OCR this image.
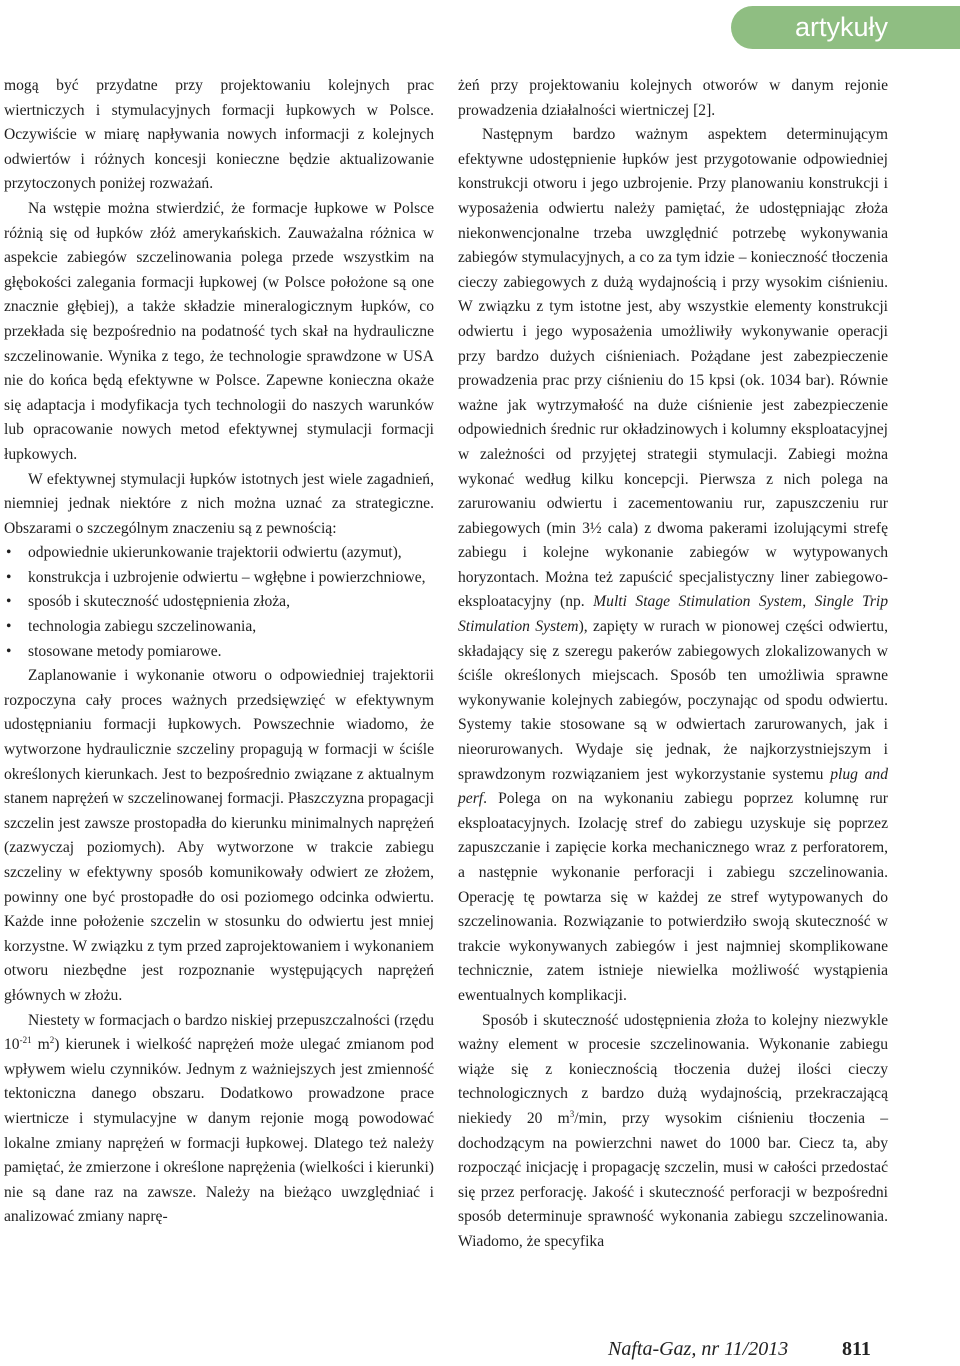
artykuły

mogą być przydatne przy projektowaniu kolejnych prac wiertniczych i stymulacyjnych formacji łupkowych w Polsce. Oczywiście w miarę napływania nowych informacji z kolejnych odwiertów i różnych koncesji konieczne będzie aktualizowanie przytoczonych poniżej rozważań.

Na wstępie można stwierdzić, że formacje łupkowe w Polsce różnią się od łupków złóż amerykańskich. Zauważalna różnica w aspekcie zabiegów szczelinowania polega przede wszystkim na głębokości zalegania formacji łupkowej (w Polsce położone są one znacznie głębiej), a także składzie mineralogicznym łupków, co przekłada się bezpośrednio na podatność tych skał na hydrauliczne szczelinowanie. Wynika z tego, że technologie sprawdzone w USA nie do końca będą efektywne w Polsce. Zapewne konieczna okaże się adaptacja i modyfikacja tych technologii do naszych warunków lub opracowanie nowych metod efektywnej stymulacji formacji łupkowych.

W efektywnej stymulacji łupków istotnych jest wiele zagadnień, niemniej jednak niektóre z nich można uznać za strategiczne. Obszarami o szczególnym znaczeniu są z pewnością:

• odpowiednie ukierunkowanie trajektorii odwiertu (azymut),
• konstrukcja i uzbrojenie odwiertu – wgłębne i powierzchniowe,
• sposób i skuteczność udostępnienia złoża,
• technologia zabiegu szczelinowania,
• stosowane metody pomiarowe.

Zaplanowanie i wykonanie otworu o odpowiedniej trajektorii rozpoczyna cały proces ważnych przedsięwzięć w efektywnym udostępnianiu formacji łupkowych. Powszechnie wiadomo, że wytworzone hydraulicznie szczeliny propagują w formacji w ściśle określonych kierunkach. Jest to bezpośrednio związane z aktualnym stanem naprężeń w szczelinowanej formacji. Płaszczyzna propagacji szczelin jest zawsze prostopadła do kierunku minimalnych naprężeń (zazwyczaj poziomych). Aby wytworzone w trakcie zabiegu szczeliny w efektywny sposób komunikowały odwiert ze złożem, powinny one być prostopadłe do osi poziomego odcinka odwiertu. Każde inne położenie szczelin w stosunku do odwiertu jest mniej korzystne. W związku z tym przed zaprojektowaniem i wykonaniem otworu niezbędne jest rozpoznanie występujących naprężeń głównych w złożu.

Niestety w formacjach o bardzo niskiej przepuszczalności (rzędu $10^{-21}$ $m^2$) kierunek i wielkość naprężeń może ulegać zmianom pod wpływem wielu czynników. Jednym z ważniejszych jest zmienność tektoniczna danego obszaru. Dodatkowo prowadzone prace wiertnicze i stymulacyjne w danym rejonie mogą powodować lokalne zmiany naprężeń w formacji łupkowej. Dlatego też należy pamiętać, że zmierzone i określone naprężenia (wielkości i kierunki) nie są dane raz na zawsze. Należy na bieżąco uwzględniać i analizować zmiany naprę-

żeń przy projektowaniu kolejnych otworów w danym rejonie prowadzenia działalności wiertniczej [2].

Następnym bardzo ważnym aspektem determinującym efektywne udostępnienie łupków jest przygotowanie odpowiedniej konstrukcji otworu i jego uzbrojenie. Przy planowaniu konstrukcji i wyposażenia odwiertu należy pamiętać, że udostępniając złoża niekonwencjonalne trzeba uwzględnić potrzebę wykonywania zabiegów stymulacyjnych, a co za tym idzie – konieczność tłoczenia cieczy zabiegowych z dużą wydajnością i przy wysokim ciśnieniu. W związku z tym istotne jest, aby wszystkie elementy konstrukcji odwiertu i jego wyposażenia umożliwiły wykonywanie operacji przy bardzo dużych ciśnieniach. Pożądane jest zabezpieczenie prowadzenia prac przy ciśnieniu do 15 kpsi (ok. 1034 bar). Równie ważne jak wytrzymałość na duże ciśnienie jest zabezpieczenie odpowiednich średnic rur okładzinowych i kolumny eksploatacyjnej w zależności od przyjętej strategii stymulacji. Zabiegi można wykonać według kilku koncepcji. Pierwsza z nich polega na zarurowaniu odwiertu i zacementowaniu rur, zapuszczeniu rur zabiegowych (min 3½ cala) z dwoma pakerami izolującymi strefę zabiegu i kolejne wykonanie zabiegów w wytypowanych horyzontach. Można też zapuścić specjalistyczny liner zabiegowo-eksploatacyjny (np. Multi Stage Stimulation System, Single Trip Stimulation System), zapięty w rurach w pionowej części odwiertu, składający się z szeregu pakerów zabiegowych zlokalizowanych w ściśle określonych miejscach. Sposób ten umożliwia sprawne wykonywanie kolejnych zabiegów, poczynając od spodu odwiertu. Systemy takie stosowane są w odwiertach zarurowanych, jak i nieorurowanych. Wydaje się jednak, że najkorzystniejszym i sprawdzonym rozwiązaniem jest wykorzystanie systemu plug and perf. Polega on na wykonaniu zabiegu poprzez kolumnę rur eksploatacyjnych. Izolację stref do zabiegu uzyskuje się poprzez zapuszczanie i zapięcie korka mechanicznego wraz z perforatorem, a następnie wykonanie perforacji i zabiegu szczelinowania. Operację tę powtarza się w każdej ze stref wytypowanych do szczelinowania. Rozwiązanie to potwierdziło swoją skuteczność w trakcie wykonywanych zabiegów i jest najmniej skomplikowane technicznie, zatem istnieje niewielka możliwość wystąpienia ewentualnych komplikacji.

Sposób i skuteczność udostępnienia złoża to kolejny niezwykle ważny element w procesie szczelinowania. Wykonanie zabiegu wiąże się z koniecznością tłoczenia dużej ilości cieczy technologicznych z bardzo dużą wydajnością, przekraczającą niekiedy 20 $m^3/\min$, przy wysokim ciśnieniu tłoczenia – dochodzącym na powierzchni nawet do 1000 bar. Ciecz ta, aby rozpocząć inicjację i propagację szczelin, musi w całości przedostać się przez perforację. Jakość i skuteczność perforacji w bezpośredni sposób determinuje sprawność wykonania zabiegu szczelinowania. Wiadomo, że specyfika

Nafta-Gaz, nr 11/2013	811
